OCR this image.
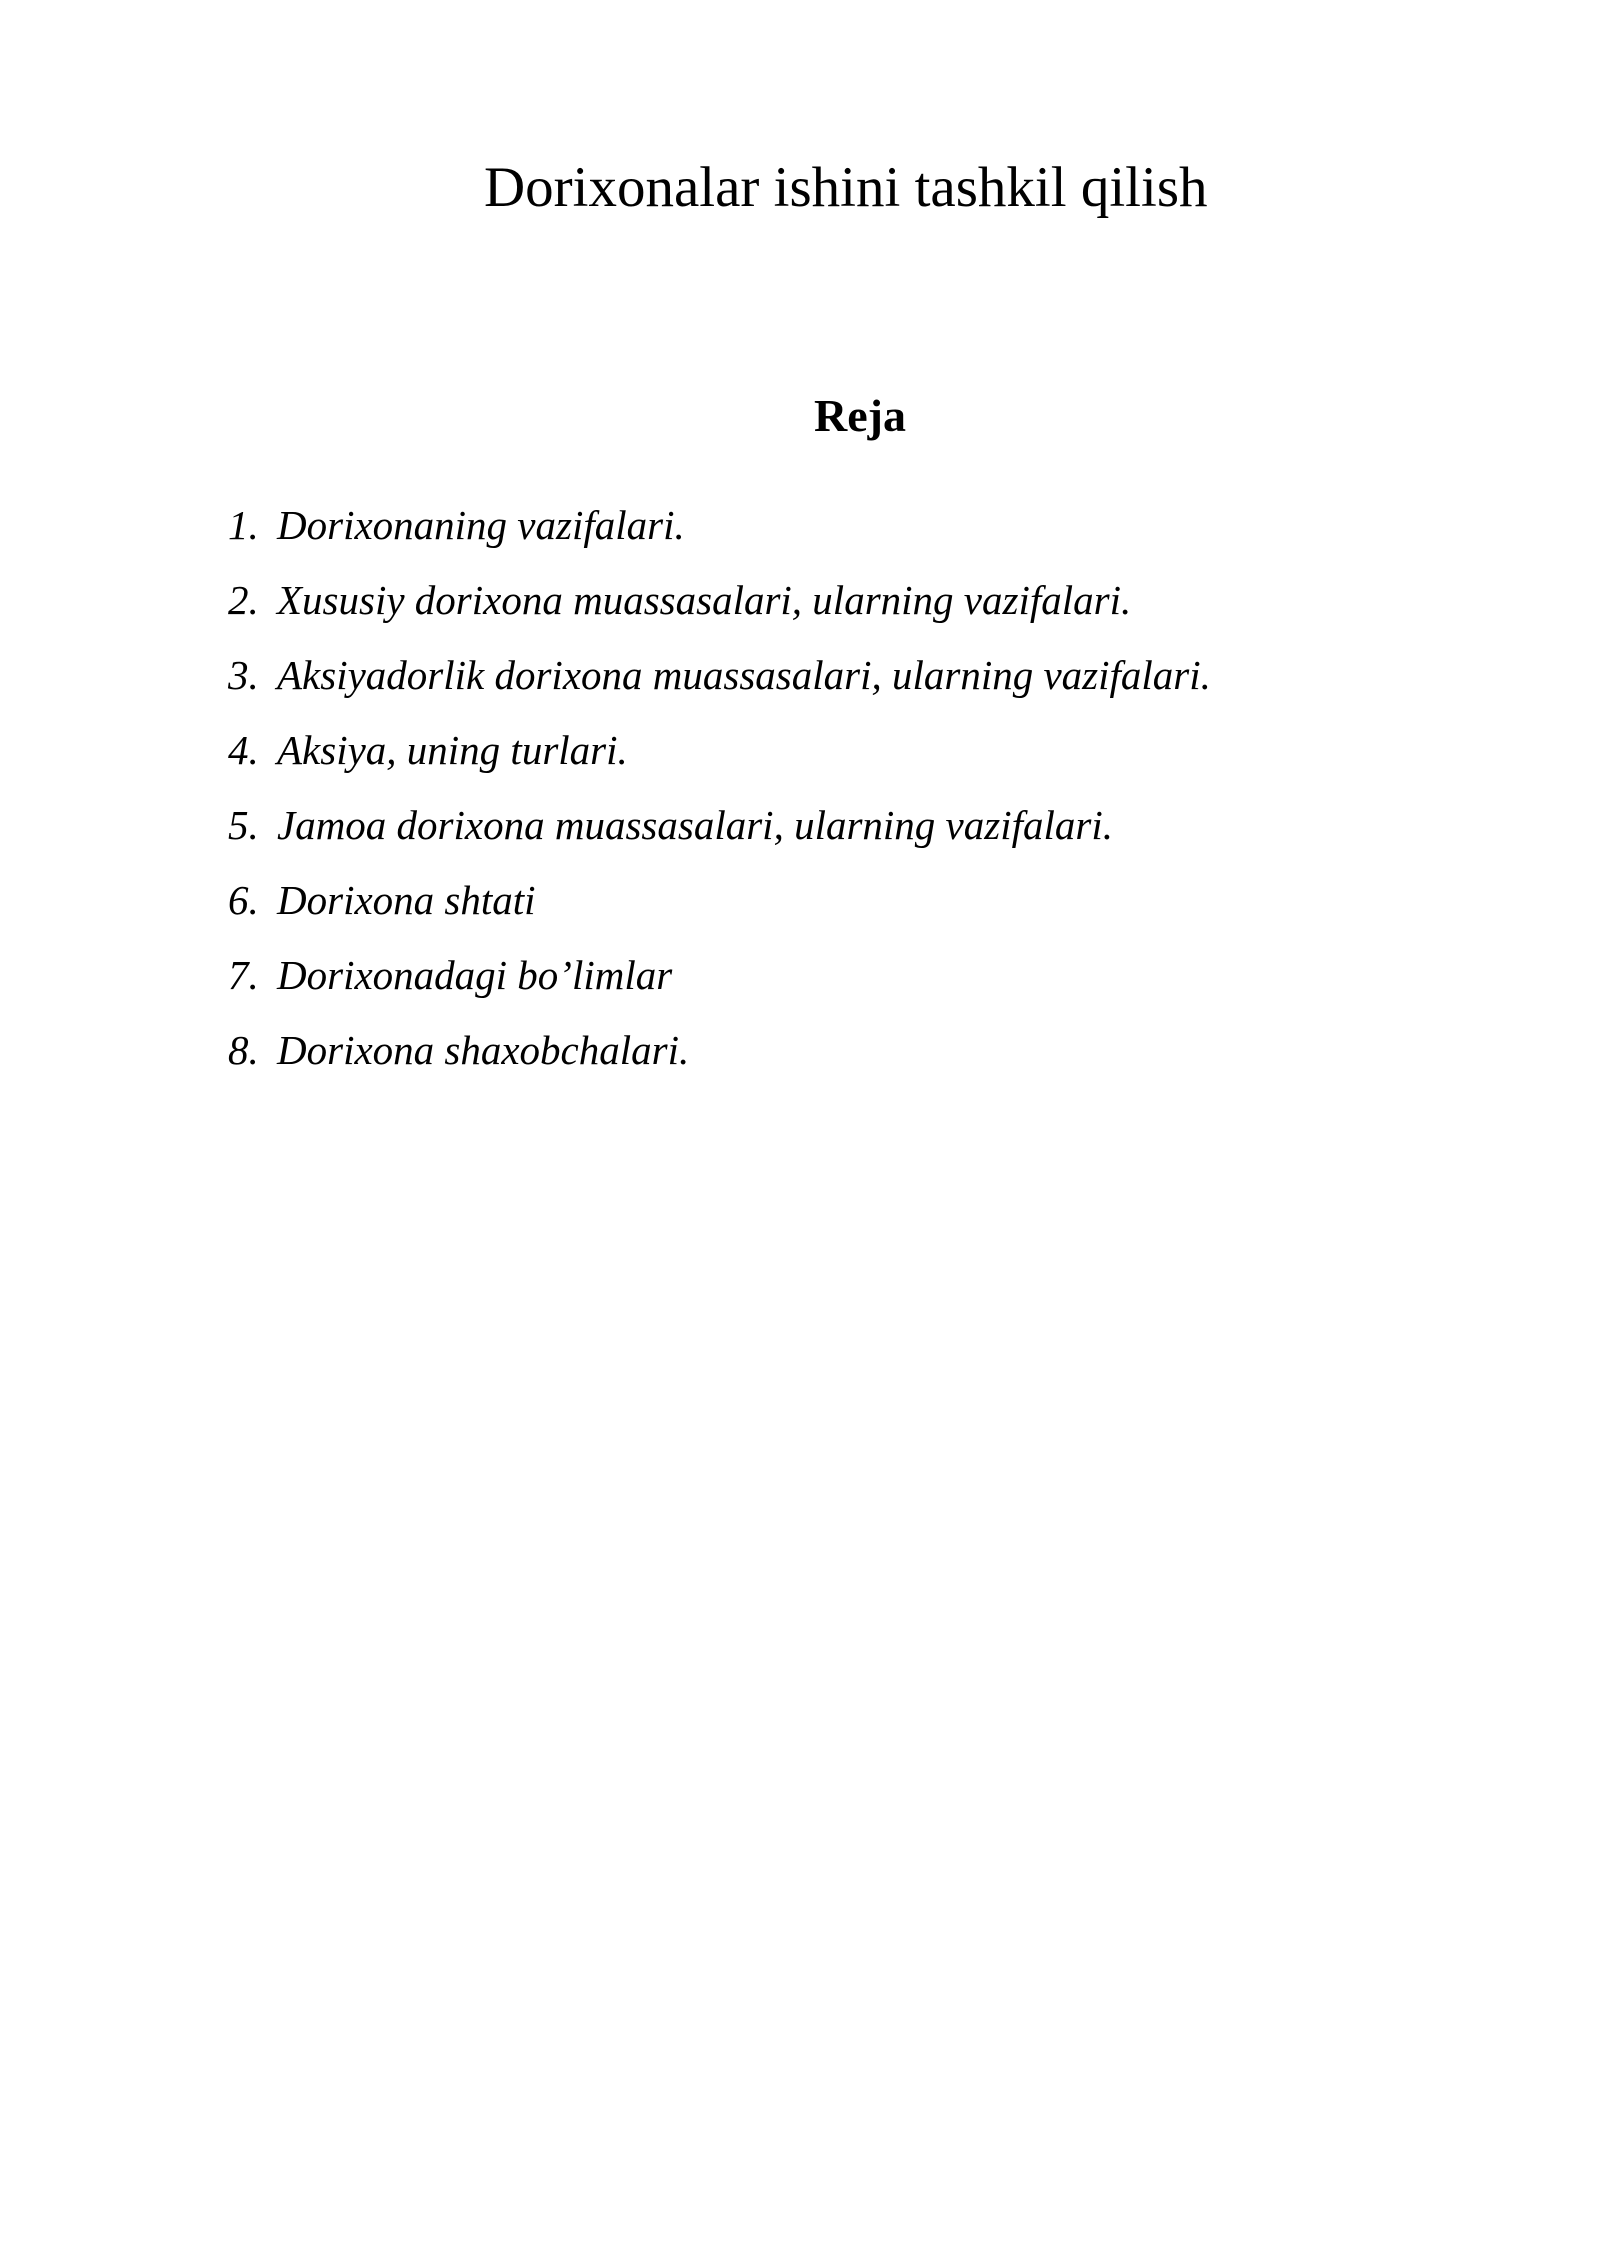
Dorixonalar ishini tashkil qilish
Reja
1. Dorixonaning vazifalari.
2. Xususiy dorixona muassasalari, ularning vazifalari.
3. Aksiyadorlik dorixona muassasalari, ularning vazifalari.
4. Aksiya, uning turlari.
5. Jamoa dorixona muassasalari, ularning vazifalari.
6. Dorixona shtati
7. Dorixonadagi bo’limlar
8. Dorixona shaxobchalari.
